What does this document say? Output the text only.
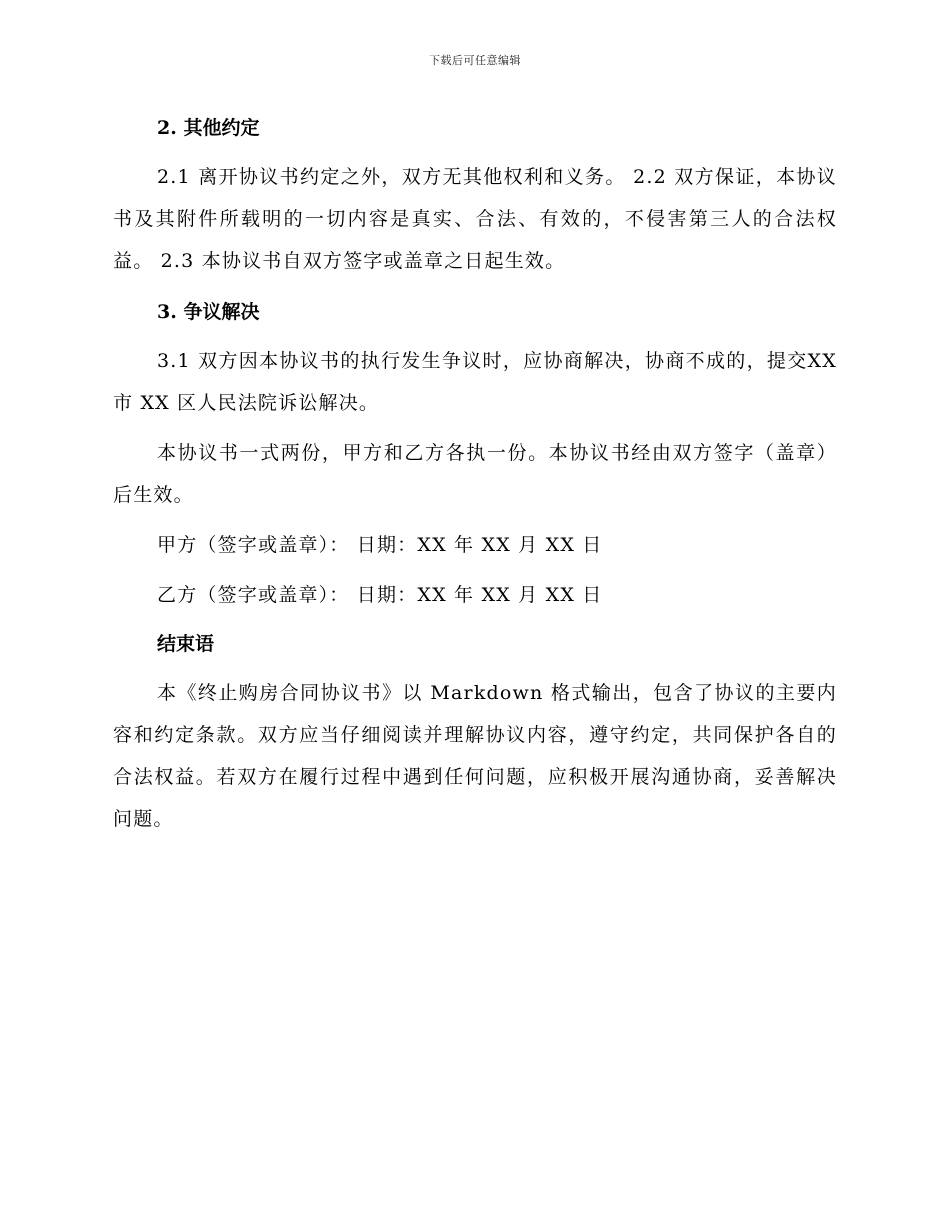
下载后可任意编辑
2. 其他约定

2.1 离开协议书约定之外，双方无其他权利和义务。 2.2 双方保证，本协议书及其附件所载明的一切内容是真实、合法、有效的，不侵害第三人的合法权益。 2.3 本协议书自双方签字或盖章之日起生效。

3. 争议解决

3.1 双方因本协议书的执行发生争议时，应协商解决，协商不成的，提交XX 市 XX 区人民法院诉讼解决。

本协议书一式两份，甲方和乙方各执一份。本协议书经由双方签字（盖章）后生效。

甲方（签字或盖章）： 日期：XX 年 XX 月 XX 日

乙方（签字或盖章）： 日期：XX 年 XX 月 XX 日

结束语

本《终止购房合同协议书》以 Markdown 格式输出，包含了协议的主要内容和约定条款。双方应当仔细阅读并理解协议内容，遵守约定，共同保护各自的合法权益。若双方在履行过程中遇到任何问题，应积极开展沟通协商，妥善解决问题。
